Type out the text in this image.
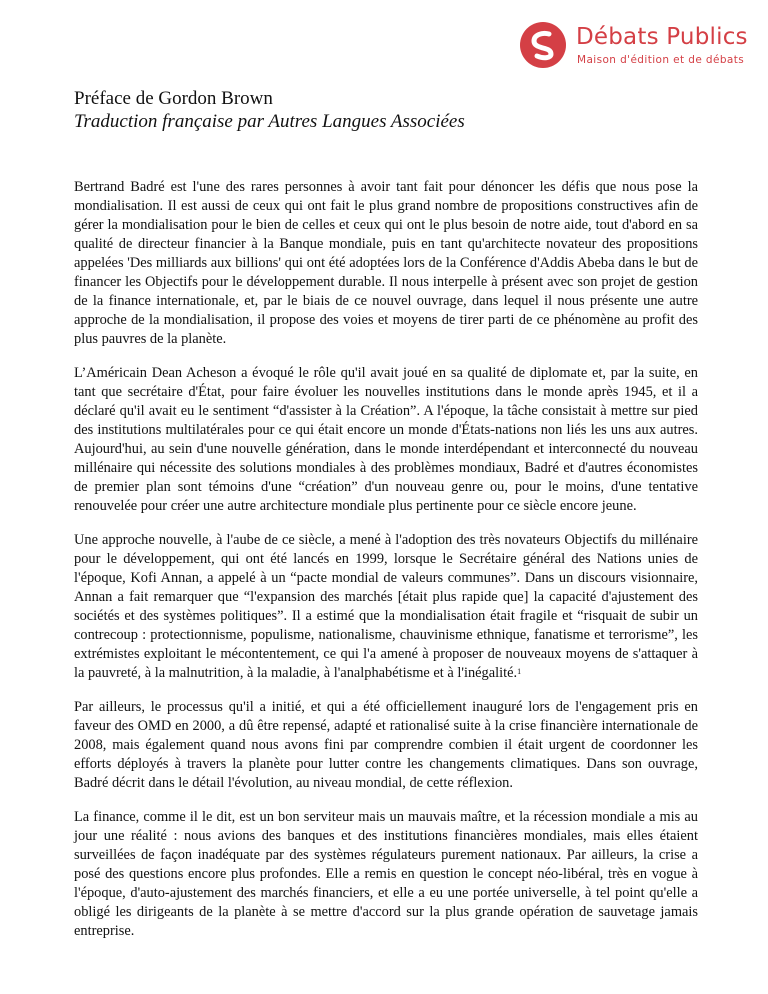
Débats Publics
Maison d'édition et de débats
Préface de Gordon Brown
Traduction française par Autres Langues Associées

Bertrand Badré est l'une des rares personnes à avoir tant fait pour dénoncer les défis que nous pose la mondialisation. Il est aussi de ceux qui ont fait le plus grand nombre de propositions constructives afin de gérer la mondialisation pour le bien de celles et ceux qui ont le plus besoin de notre aide, tout d'abord en sa qualité de directeur financier à la Banque mondiale, puis en tant qu'architecte novateur des propositions appelées 'Des milliards aux billions' qui ont été adoptées lors de la Conférence d'Addis Abeba dans le but de financer les Objectifs pour le développement durable. Il nous interpelle à présent avec son projet de gestion de la finance internationale, et, par le biais de ce nouvel ouvrage, dans lequel il nous présente une autre approche de la mondialisation, il propose des voies et moyens de tirer parti de ce phénomène au profit des plus pauvres de la planète.

L’Américain Dean Acheson a évoqué le rôle qu'il avait joué en sa qualité de diplomate et, par la suite, en tant que secrétaire d'État, pour faire évoluer les nouvelles institutions dans le monde après 1945, et il a déclaré qu'il avait eu le sentiment “d'assister à la Création”. A l'époque, la tâche consistait à mettre sur pied des institutions multilatérales pour ce qui était encore un monde d'États-nations non liés les uns aux autres. Aujourd'hui, au sein d'une nouvelle génération, dans le monde interdépendant et interconnecté du nouveau millénaire qui nécessite des solutions mondiales à des problèmes mondiaux, Badré et d'autres économistes de premier plan sont témoins d'une “création” d'un nouveau genre ou, pour le moins, d'une tentative renouvelée pour créer une autre architecture mondiale plus pertinente pour ce siècle encore jeune.

Une approche nouvelle, à l'aube de ce siècle, a mené à l'adoption des très novateurs Objectifs du millénaire pour le développement, qui ont été lancés en 1999, lorsque le Secrétaire général des Nations unies de l'époque, Kofi Annan, a appelé à un “pacte mondial de valeurs communes”. Dans un discours visionnaire, Annan a fait remarquer que “l'expansion des marchés [était plus rapide que] la capacité d'ajustement des sociétés et des systèmes politiques”. Il a estimé que la mondialisation était fragile et “risquait de subir un contrecoup : protectionnisme, populisme, nationalisme, chauvinisme ethnique, fanatisme et terrorisme”, les extrémistes exploitant le mécontentement, ce qui l'a amené à proposer de nouveaux moyens de s'attaquer à la pauvreté, à la malnutrition, à la maladie, à l'analphabétisme et à l'inégalité.$^1$

Par ailleurs, le processus qu'il a initié, et qui a été officiellement inauguré lors de l'engagement pris en faveur des OMD en 2000, a dû être repensé, adapté et rationalisé suite à la crise financière internationale de 2008, mais également quand nous avons fini par comprendre combien il était urgent de coordonner les efforts déployés à travers la planète pour lutter contre les changements climatiques. Dans son ouvrage, Badré décrit dans le détail l'évolution, au niveau mondial, de cette réflexion.

La finance, comme il le dit, est un bon serviteur mais un mauvais maître, et la récession mondiale a mis au jour une réalité : nous avions des banques et des institutions financières mondiales, mais elles étaient surveillées de façon inadéquate par des systèmes régulateurs purement nationaux. Par ailleurs, la crise a posé des questions encore plus profondes. Elle a remis en question le concept néo-libéral, très en vogue à l'époque, d'auto-ajustement des marchés financiers, et elle a eu une portée universelle, à tel point qu'elle a obligé les dirigeants de la planète à se mettre d'accord sur la plus grande opération de sauvetage jamais entreprise.
